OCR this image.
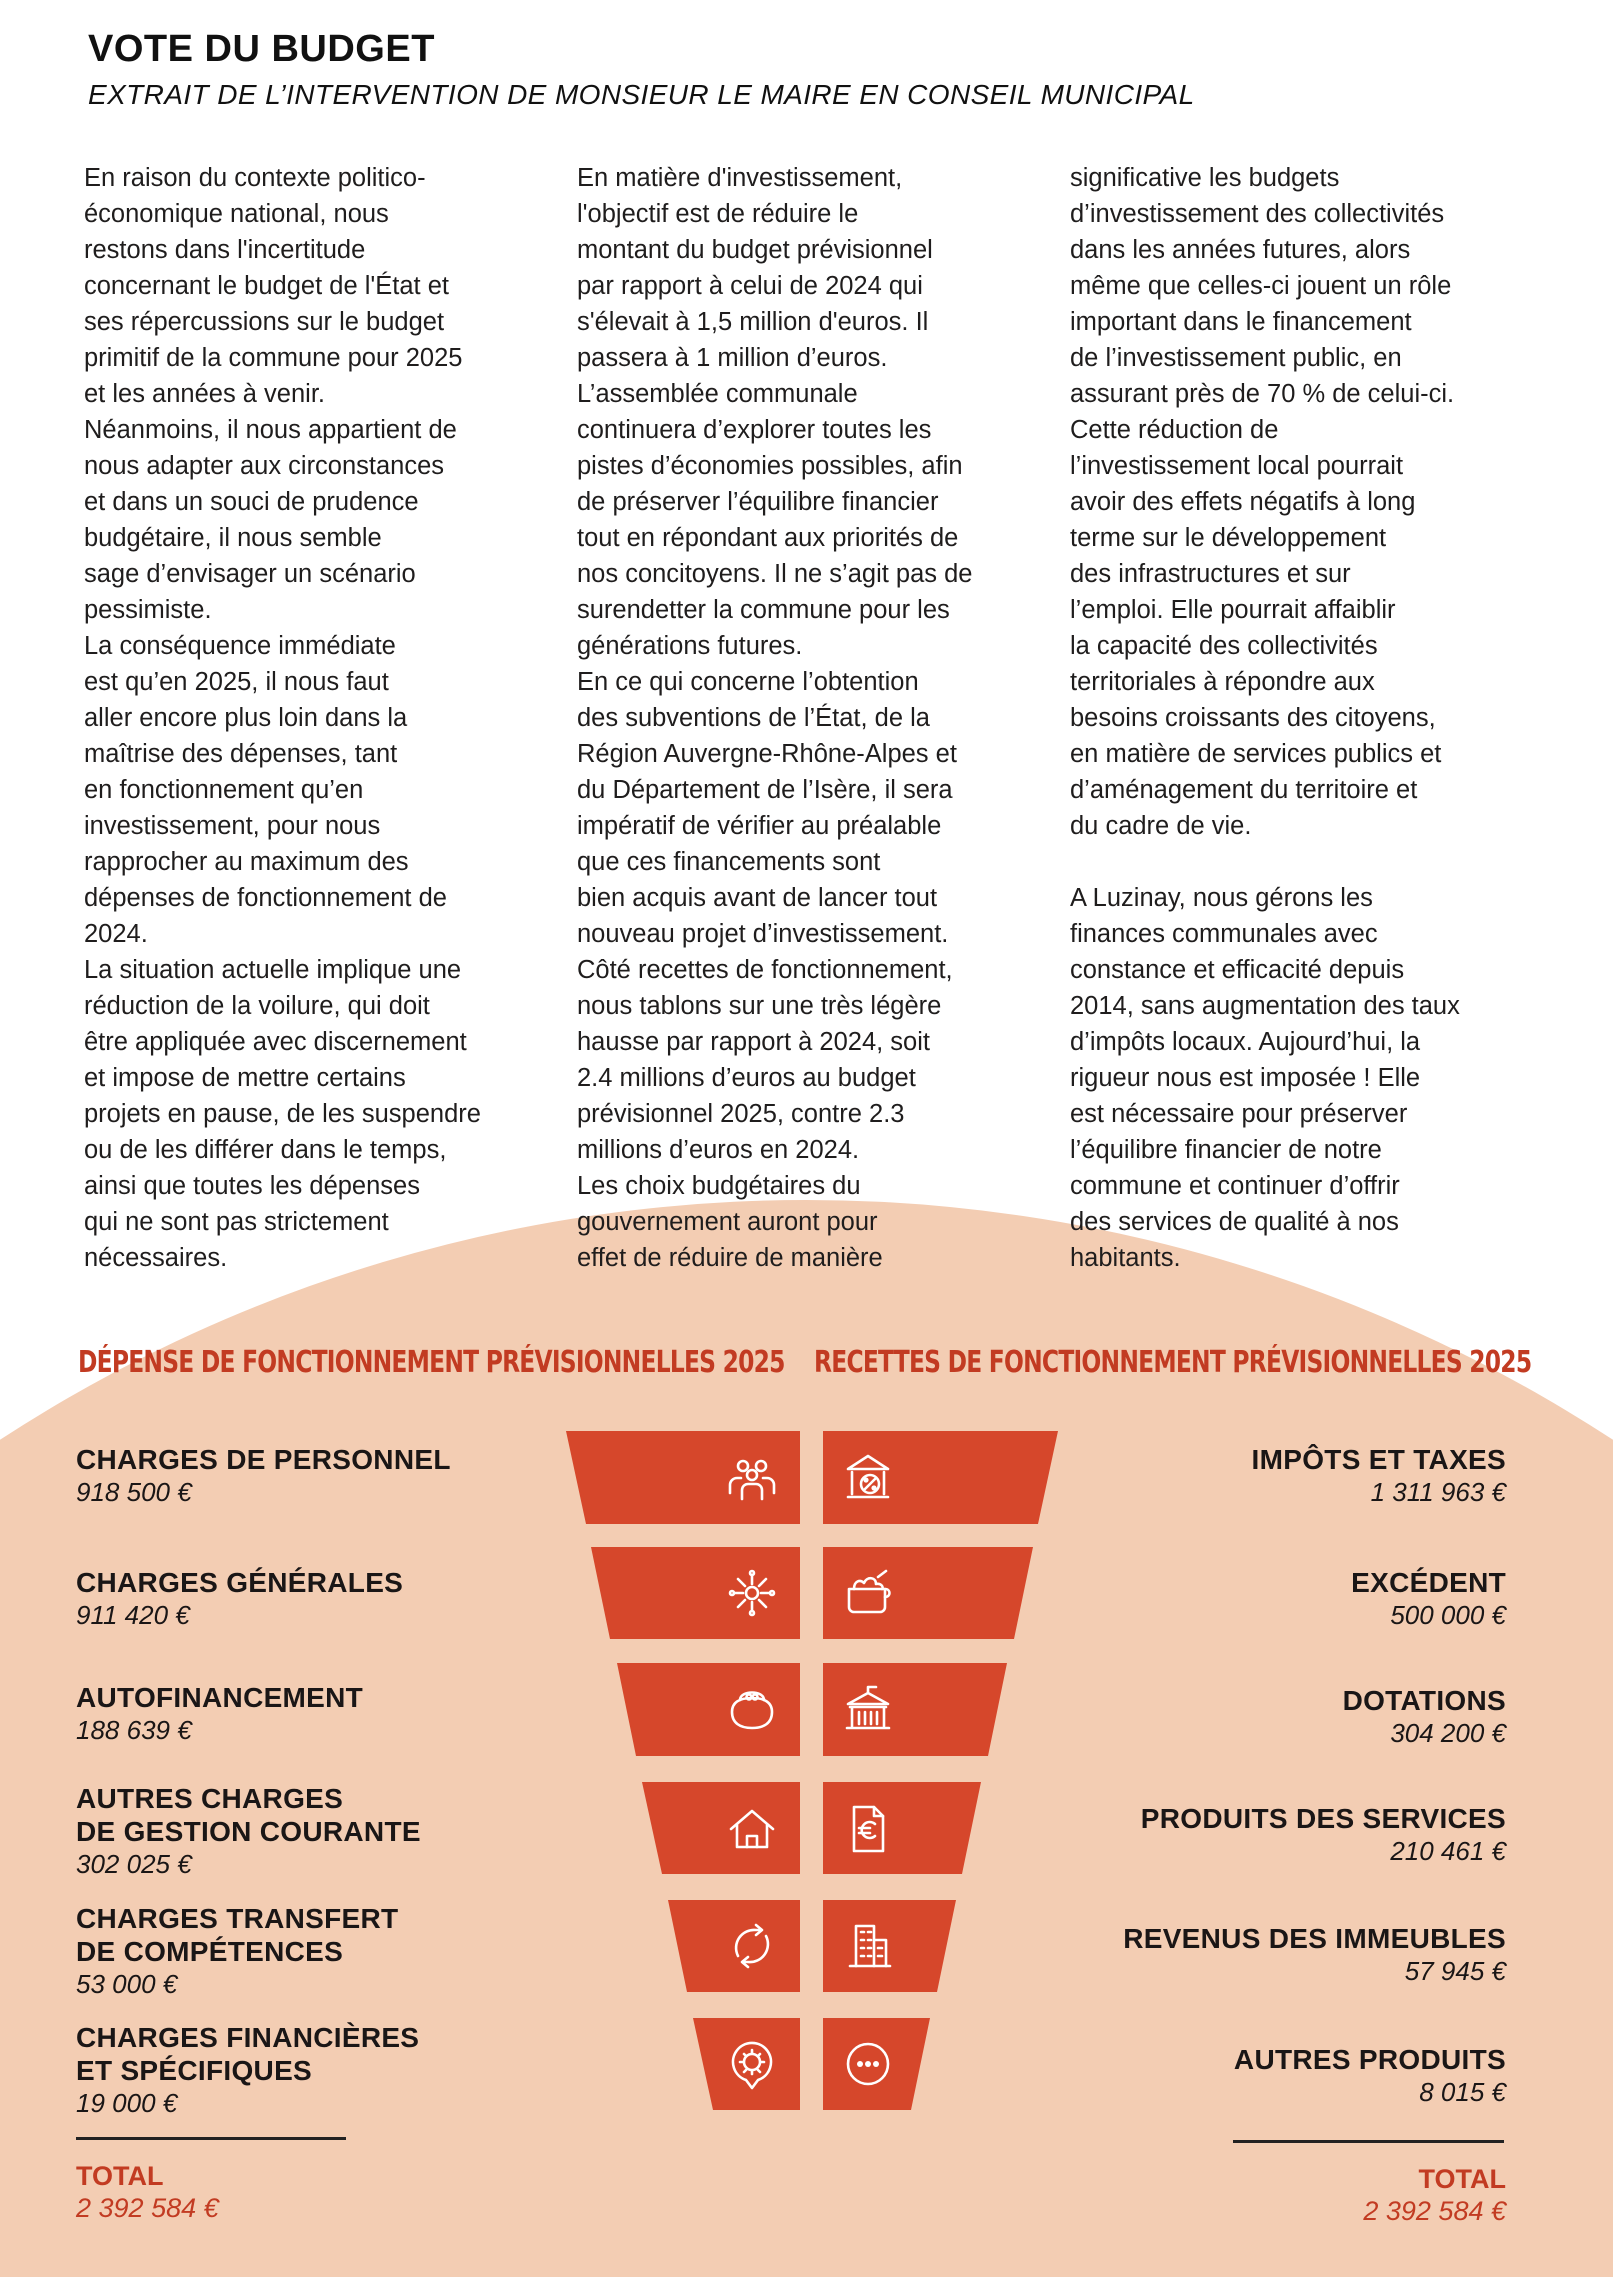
VOTE DU BUDGET
EXTRAIT DE L’INTERVENTION DE MONSIEUR LE MAIRE EN CONSEIL MUNICIPAL

En raison du contexte politico-
économique national, nous
restons dans l'incertitude
concernant le budget de l'État et
ses répercussions sur le budget
primitif de la commune pour 2025
et les années à venir.
Néanmoins, il nous appartient de
nous adapter aux circonstances
et dans un souci de prudence
budgétaire, il nous semble
sage d’envisager un scénario
pessimiste.
La conséquence immédiate
est qu’en 2025, il nous faut
aller encore plus loin dans la
maîtrise des dépenses, tant
en fonctionnement qu’en
investissement, pour nous
rapprocher au maximum des
dépenses de fonctionnement de
2024.
La situation actuelle implique une
réduction de la voilure, qui doit
être appliquée avec discernement
et impose de mettre certains
projets en pause, de les suspendre
ou de les différer dans le temps,
ainsi que toutes les dépenses
qui ne sont pas strictement
nécessaires.

En matière d'investissement,
l'objectif est de réduire le
montant du budget prévisionnel
par rapport à celui de 2024 qui
s'élevait à 1,5 million d'euros. Il
passera à 1 million d’euros.
L’assemblée communale
continuera d’explorer toutes les
pistes d’économies possibles, afin
de préserver l’équilibre financier
tout en répondant aux priorités de
nos concitoyens. Il ne s’agit pas de
surendetter la commune pour les
générations futures.
En ce qui concerne l’obtention
des subventions de l’État, de la
Région Auvergne-Rhône-Alpes et
du Département de l’Isère, il sera
impératif de vérifier au préalable
que ces financements sont
bien acquis avant de lancer tout
nouveau projet d’investissement.
Côté recettes de fonctionnement,
nous tablons sur une très légère
hausse par rapport à 2024, soit
2.4 millions d’euros au budget
prévisionnel 2025, contre 2.3
millions d’euros en 2024.
Les choix budgétaires du
gouvernement auront pour
effet de réduire de manière

significative les budgets
d’investissement des collectivités
dans les années futures, alors
même que celles-ci jouent un rôle
important dans le financement
de l’investissement public, en
assurant près de 70 % de celui-ci.
Cette réduction de
l’investissement local pourrait
avoir des effets négatifs à long
terme sur le développement
des infrastructures et sur
l’emploi. Elle pourrait affaiblir
la capacité des collectivités
territoriales à répondre aux
besoins croissants des citoyens,
en matière de services publics et
d’aménagement du territoire et
du cadre de vie.

A Luzinay, nous gérons les
finances communales avec
constance et efficacité depuis
2014, sans augmentation des taux
d’impôts locaux. Aujourd’hui, la
rigueur nous est imposée ! Elle
est nécessaire pour préserver
l’équilibre financier de notre
commune et continuer d’offrir
des services de qualité à nos
habitants.

DÉPENSE DE FONCTIONNEMENT PRÉVISIONNELLES 2025 RECETTES DE FONCTIONNEMENT PRÉVISIONNELLES 2025
CHARGES DE PERSONNEL
918 500 €
CHARGES GÉNÉRALES
911 420 €
AUTOFINANCEMENT
188 639 €
AUTRES CHARGES
DE GESTION COURANTE
302 025 €
CHARGES TRANSFERT
DE COMPÉTENCES
53 000 €
CHARGES FINANCIÈRES
ET SPÉCIFIQUES
19 000 €
IMPÔTS ET TAXES
1 311 963 €
EXCÉDENT
500 000 €
DOTATIONS
304 200 €
PRODUITS DES SERVICES
210 461 €
REVENUS DES IMMEUBLES
57 945 €
AUTRES PRODUITS
8 015 €
TOTAL
2 392 584 €
TOTAL
2 392 584 €
